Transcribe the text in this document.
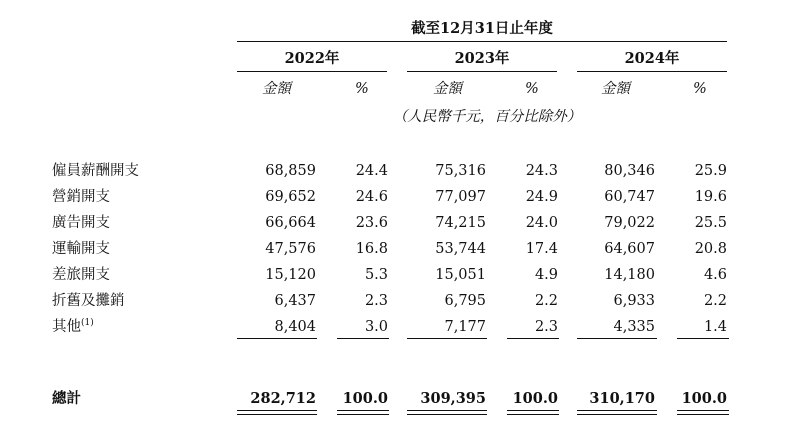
截至12月31日止年度
2022年	2023年	2024年
金額	%	金額	%	金額	%
（人民幣千元，百分比除外）
僱員薪酬開支	68,859	24.4	75,316	24.3	80,346	25.9
營銷開支	69,652	24.6	77,097	24.9	60,747	19.6
廣告開支	66,664	23.6	74,215	24.0	79,022	25.5
運輸開支	47,576	16.8	53,744	17.4	64,607	20.8
差旅開支	15,120	5.3	15,051	4.9	14,180	4.6
折舊及攤銷	6,437	2.3	6,795	2.2	6,933	2.2
其他$^{(1)}$	8,404	3.0	7,177	2.3	4,335	1.4
總計	282,712 100.0 309,395 100.0 310,170 100.0
